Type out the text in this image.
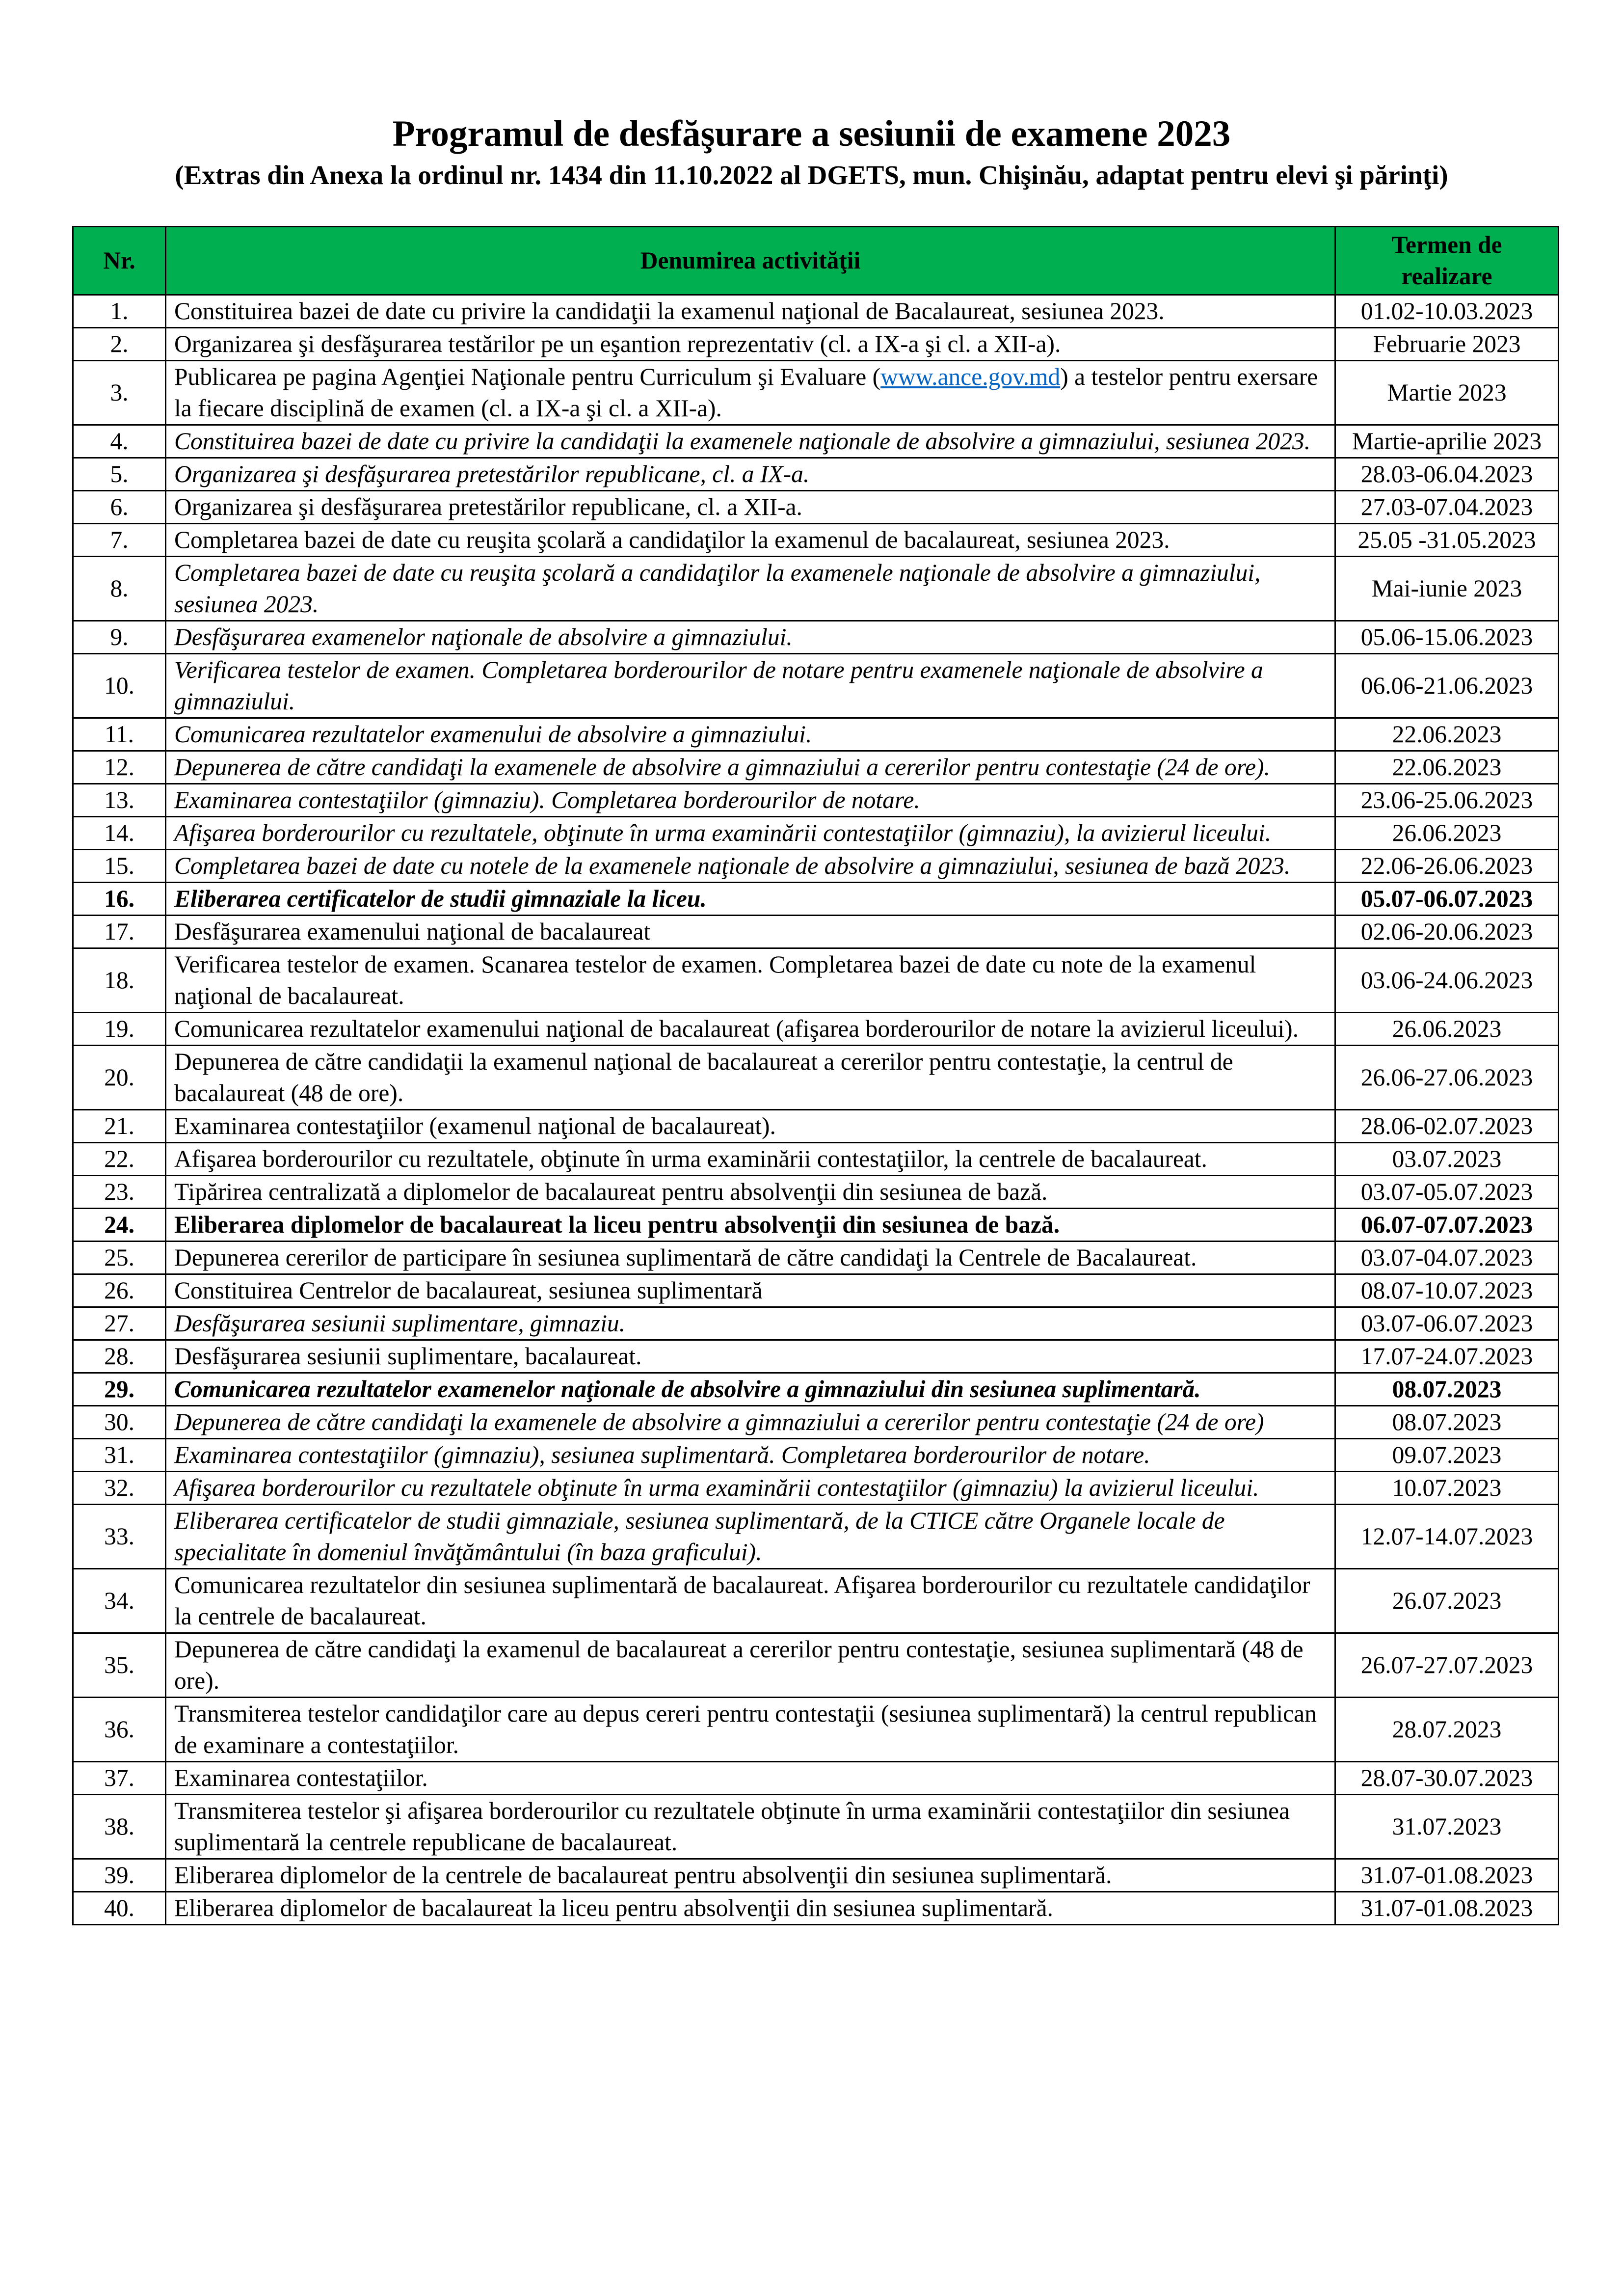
Programul de desfăşurare a sesiunii de examene 2023
(Extras din Anexa la ordinul nr. 1434 din 11.10.2022 al DGETS, mun. Chişinău, adaptat pentru elevi şi părinţi)
Nr.	Denumirea activităţii	Termen de realizare
1.	Constituirea bazei de date cu privire la candidaţii la examenul naţional de Bacalaureat, sesiunea 2023.	01.02-10.03.2023
2.	Organizarea şi desfăşurarea testărilor pe un eşantion reprezentativ (cl. a IX-a şi cl. a XII-a).	Februarie 2023
3.	Publicarea pe pagina Agenţiei Naţionale pentru Curriculum şi Evaluare (www.ance.gov.md) a testelor pentru exersare la fiecare disciplină de examen (cl. a IX-a şi cl. a XII-a).	Martie 2023
4.	Constituirea bazei de date cu privire la candidaţii la examenele naţionale de absolvire a gimnaziului, sesiunea 2023.	Martie-aprilie 2023
5.	Organizarea şi desfăşurarea pretestărilor republicane, cl. a IX-a.	28.03-06.04.2023
6.	Organizarea şi desfăşurarea pretestărilor republicane, cl. a XII-a.	27.03-07.04.2023
7.	Completarea bazei de date cu reuşita şcolară a candidaţilor la examenul de bacalaureat, sesiunea 2023.	25.05 -31.05.2023
8.	Completarea bazei de date cu reuşita şcolară a candidaţilor la examenele naţionale de absolvire a gimnaziului, sesiunea 2023.	Mai-iunie 2023
9.	Desfăşurarea examenelor naţionale de absolvire a gimnaziului.	05.06-15.06.2023
10.	Verificarea testelor de examen. Completarea borderourilor de notare pentru examenele naţionale de absolvire a gimnaziului.	06.06-21.06.2023
11.	Comunicarea rezultatelor examenului de absolvire a gimnaziului.	22.06.2023
12.	Depunerea de către candidaţi la examenele de absolvire a gimnaziului a cererilor pentru contestaţie (24 de ore).	22.06.2023
13.	Examinarea contestaţiilor (gimnaziu). Completarea borderourilor de notare.	23.06-25.06.2023
14.	Afişarea borderourilor cu rezultatele, obţinute în urma examinării contestaţiilor (gimnaziu), la avizierul liceului.	26.06.2023
15.	Completarea bazei de date cu notele de la examenele naţionale de absolvire a gimnaziului, sesiunea de bază 2023.	22.06-26.06.2023
16.	Eliberarea certificatelor de studii gimnaziale la liceu.	05.07-06.07.2023
17.	Desfăşurarea examenului naţional de bacalaureat	02.06-20.06.2023
18.	Verificarea testelor de examen. Scanarea testelor de examen. Completarea bazei de date cu note de la examenul naţional de bacalaureat.	03.06-24.06.2023
19.	Comunicarea rezultatelor examenului naţional de bacalaureat (afişarea borderourilor de notare la avizierul liceului).	26.06.2023
20.	Depunerea de către candidaţii la examenul naţional de bacalaureat a cererilor pentru contestaţie, la centrul de bacalaureat (48 de ore).	26.06-27.06.2023
21.	Examinarea contestaţiilor (examenul naţional de bacalaureat).	28.06-02.07.2023
22.	Afişarea borderourilor cu rezultatele, obţinute în urma examinării contestaţiilor, la centrele de bacalaureat.	03.07.2023
23.	Tipărirea centralizată a diplomelor de bacalaureat pentru absolvenţii din sesiunea de bază.	03.07-05.07.2023
24.	Eliberarea diplomelor de bacalaureat la liceu pentru absolvenţii din sesiunea de bază.	06.07-07.07.2023
25.	Depunerea cererilor de participare în sesiunea suplimentară de către candidaţi la Centrele de Bacalaureat.	03.07-04.07.2023
26.	Constituirea Centrelor de bacalaureat, sesiunea suplimentară	08.07-10.07.2023
27.	Desfăşurarea sesiunii suplimentare, gimnaziu.	03.07-06.07.2023
28.	Desfăşurarea sesiunii suplimentare, bacalaureat.	17.07-24.07.2023
29.	Comunicarea rezultatelor examenelor naţionale de absolvire a gimnaziului din sesiunea suplimentară.	08.07.2023
30.	Depunerea de către candidaţi la examenele de absolvire a gimnaziului a cererilor pentru contestaţie (24 de ore)	08.07.2023
31.	Examinarea contestaţiilor (gimnaziu), sesiunea suplimentară. Completarea borderourilor de notare.	09.07.2023
32.	Afişarea borderourilor cu rezultatele obţinute în urma examinării contestaţiilor (gimnaziu) la avizierul liceului.	10.07.2023
33.	Eliberarea certificatelor de studii gimnaziale, sesiunea suplimentară, de la CTICE către Organele locale de specialitate în domeniul învăţământului (în baza graficului).	12.07-14.07.2023
34.	Comunicarea rezultatelor din sesiunea suplimentară de bacalaureat. Afişarea borderourilor cu rezultatele candidaţilor la centrele de bacalaureat.	26.07.2023
35.	Depunerea de către candidaţi la examenul de bacalaureat a cererilor pentru contestaţie, sesiunea suplimentară (48 de ore).	26.07-27.07.2023
36.	Transmiterea testelor candidaţilor care au depus cereri pentru contestaţii (sesiunea suplimentară) la centrul republican de examinare a contestaţiilor.	28.07.2023
37.	Examinarea contestaţiilor.	28.07-30.07.2023
38.	Transmiterea testelor şi afişarea borderourilor cu rezultatele obţinute în urma examinării contestaţiilor din sesiunea suplimentară la centrele republicane de bacalaureat.	31.07.2023
39.	Eliberarea diplomelor de la centrele de bacalaureat pentru absolvenţii din sesiunea suplimentară.	31.07-01.08.2023
40.	Eliberarea diplomelor de bacalaureat la liceu pentru absolvenţii din sesiunea suplimentară.	31.07-01.08.2023
